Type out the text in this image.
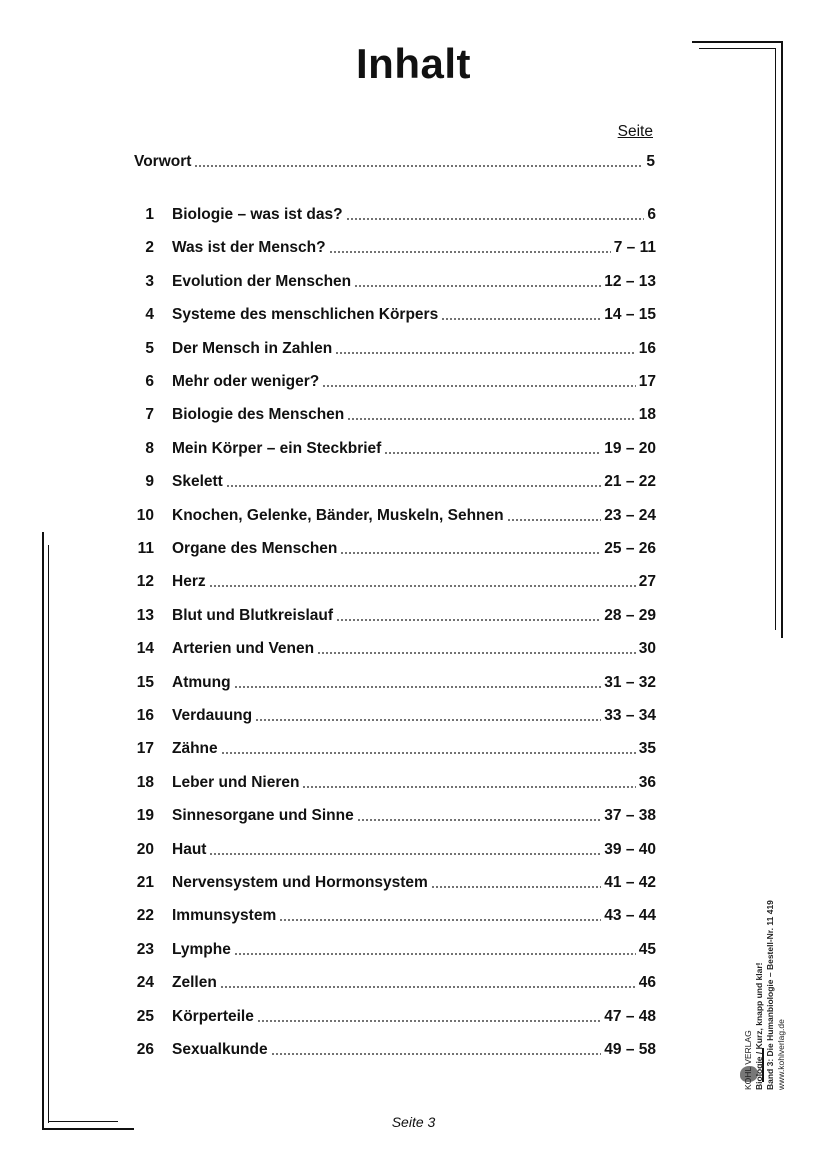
Inhalt
Seite
Vorwort	5
1 Biologie – was ist das?	6
2 Was ist der Mensch?	7 – 11
3 Evolution der Menschen	12 – 13
4 Systeme des menschlichen Körpers	14 – 15
5 Der Mensch in Zahlen	16
6 Mehr oder weniger?	17
7 Biologie des Menschen	18
8 Mein Körper – ein Steckbrief	19 – 20
9 Skelett	21 – 22
10 Knochen, Gelenke, Bänder, Muskeln, Sehnen	23 – 24
11 Organe des Menschen	25 – 26
12 Herz	27
13 Blut und Blutkreislauf	28 – 29
14 Arterien und Venen	30
15 Atmung	31 – 32
16 Verdauung	33 – 34
17 Zähne	35
18 Leber und Nieren	36
19 Sinnesorgane und Sinne	37 – 38
20 Haut	39 – 40
21 Nervensystem und Hormonsystem	41 – 42
22 Immunsystem	43 – 44
23 Lymphe	45
24 Zellen	46
25 Körperteile	47 – 48
26 Sexualkunde	49 – 58	KOHL VERLAG Biologie / Kurz, knapp und klar! Band 3: Die Humanbiologie – Bestell-Nr. 11 419 www.kohlverlag.de
Seite 3
